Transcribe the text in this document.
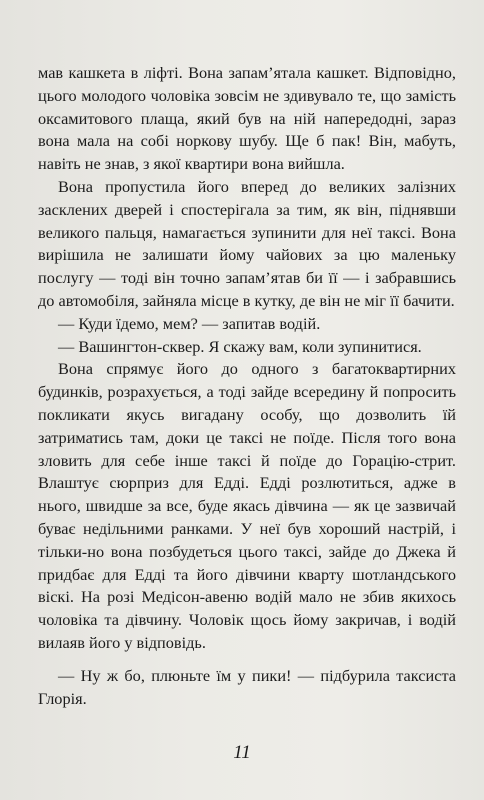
мав кашкета в ліфті. Вона запам’ятала кашкет. Відповідно, цього молодого чоловіка зовсім не здивувало те, що замість оксамитового плаща, який був на ній напередодні, зараз вона мала на собі норкову шубу. Ще б пак! Він, мабуть, навіть не знав, з якої квартири вона вийшла.

Вона пропустила його вперед до великих залізних засклених дверей і спостерігала за тим, як він, піднявши великого пальця, намагається зупинити для неї таксі. Вона вирішила не залишати йому чайових за цю маленьку послугу — тоді він точно запам’ятав би її — і забравшись до автомобіля, зайняла місце в кутку, де він не міг її бачити.

— Куди їдемо, мем? — запитав водій.

— Вашингтон-сквер. Я скажу вам, коли зупинитися.

Вона спрямує його до одного з багатоквартирних будинків, розрахується, а тоді зайде всередину й попросить покликати якусь вигадану особу, що дозволить їй затриматись там, доки це таксі не поїде. Після того вона зловить для себе інше таксі й поїде до Горацію-стрит. Влаштує сюрприз для Едді. Едді розлютиться, адже в нього, швидше за все, буде якась дівчина — як це зазвичай буває недільними ранками. У неї був хороший настрій, і тільки-но вона позбудеться цього таксі, зайде до Джека й придбає для Едді та його дівчини кварту шотландського віскі. На розі Медісон-авеню водій мало не збив якихось чоловіка та дівчину. Чоловік щось йому закричав, і водій вилаяв його у відповідь.

— Ну ж бо, плюньте їм у пики! — підбурила таксиста Глорія.

11
